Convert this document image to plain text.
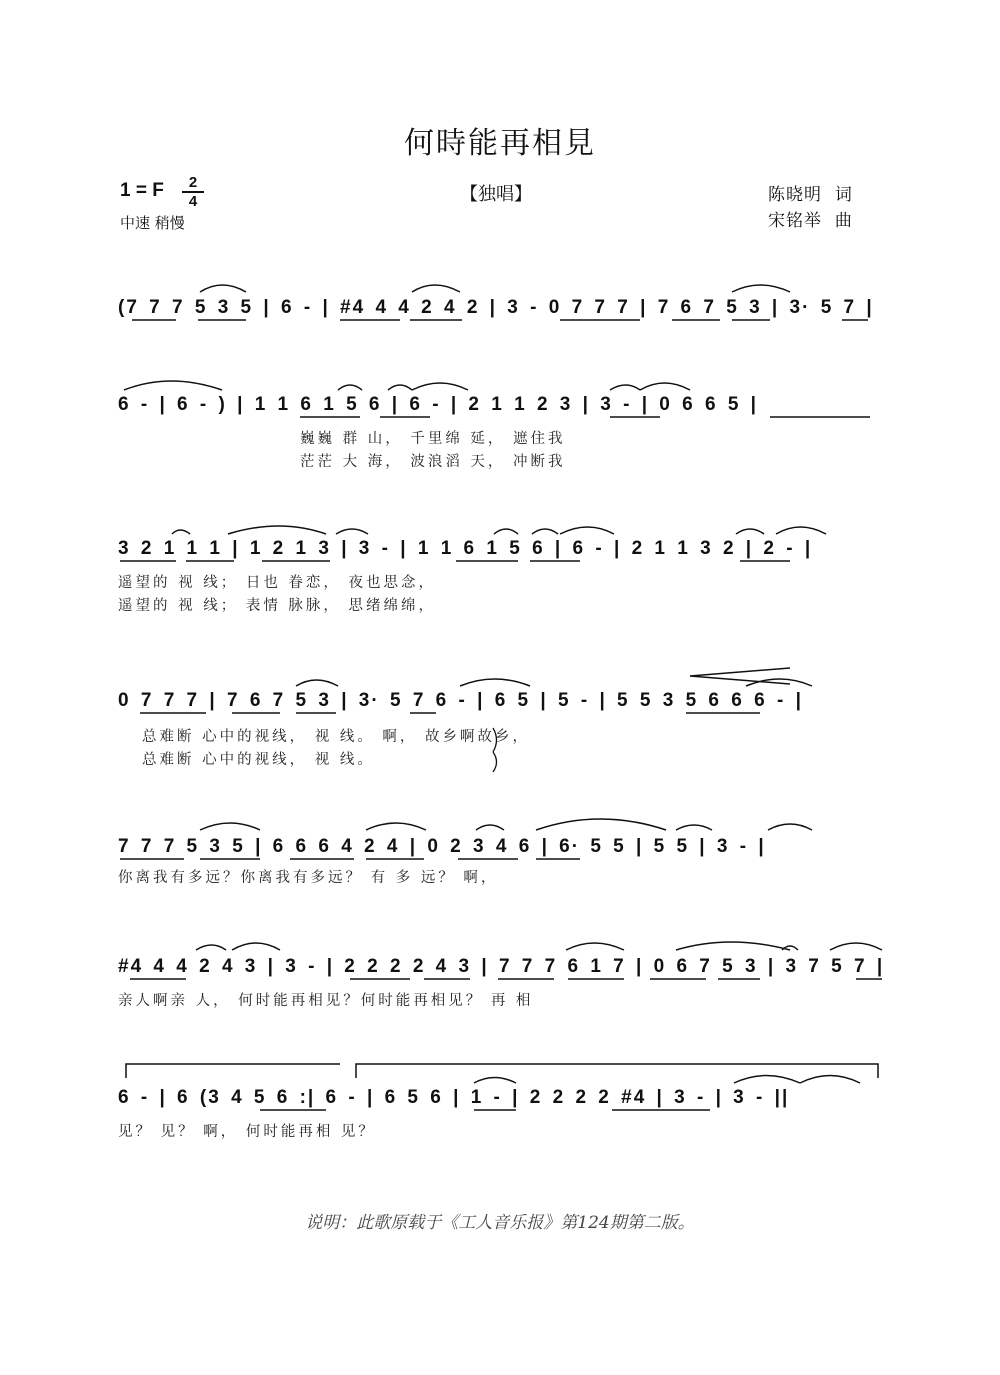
何時能再相見
1 = F	2
4
中速 稍慢
【独唱】	陈晓明 词
宋铭举 曲
(7 7 7 5 3 5 | 6 - | #4 4 4 2 4 2 | 3 - 0 7 7 7 | 7 6 7 5 3 | 3· 5 7 |
6 - | 6 - ) | 1 1 6 1 5 6 | 6 - | 2 1 1 2 3 | 3 - | 0 6 6 5 |
巍巍 群 山， 千里绵 延， 遮住我
茫茫 大 海， 波浪滔 天， 冲断我
3 2 1 1 1 | 1 2 1 3 | 3 - | 1 1 6 1 5 6 | 6 - | 2 1 1 3 2 | 2 - |
遥望的 视 线； 日也 眷恋， 夜也思念，
遥望的 视 线； 表情 脉脉， 思绪绵绵，
0 7 7 7 | 7 6 7 5 3 | 3· 5 7 6 - | 6 5 | 5 - | 5 5 3 5 6 6 6 - |
总难断 心中的视线， 视 线。 啊， 故乡啊故乡，
总难断 心中的视线， 视 线。
7 7 7 5 3 5 | 6 6 6 4 2 4 | 0 2 3 4 6 | 6· 5 5 | 5 5 | 3 - |
你离我有多远？你离我有多远？ 有 多 远？ 啊，
#4 4 4 2 4 3 | 3 - | 2 2 2 2 4 3 | 7 7 7 6 1 7 | 0 6 7 5 3 | 3 7 5 7 |
亲人啊亲 人， 何时能再相见？何时能再相见？ 再 相
6 - | 6 (3 4 5 6 :| 6 - | 6 5 6 | 1 - | 2 2 2 2 #4 | 3 - | 3 - ||
见？ 见？ 啊， 何时能再相 见？
说明：此歌原载于《工人音乐报》第124期第二版。
